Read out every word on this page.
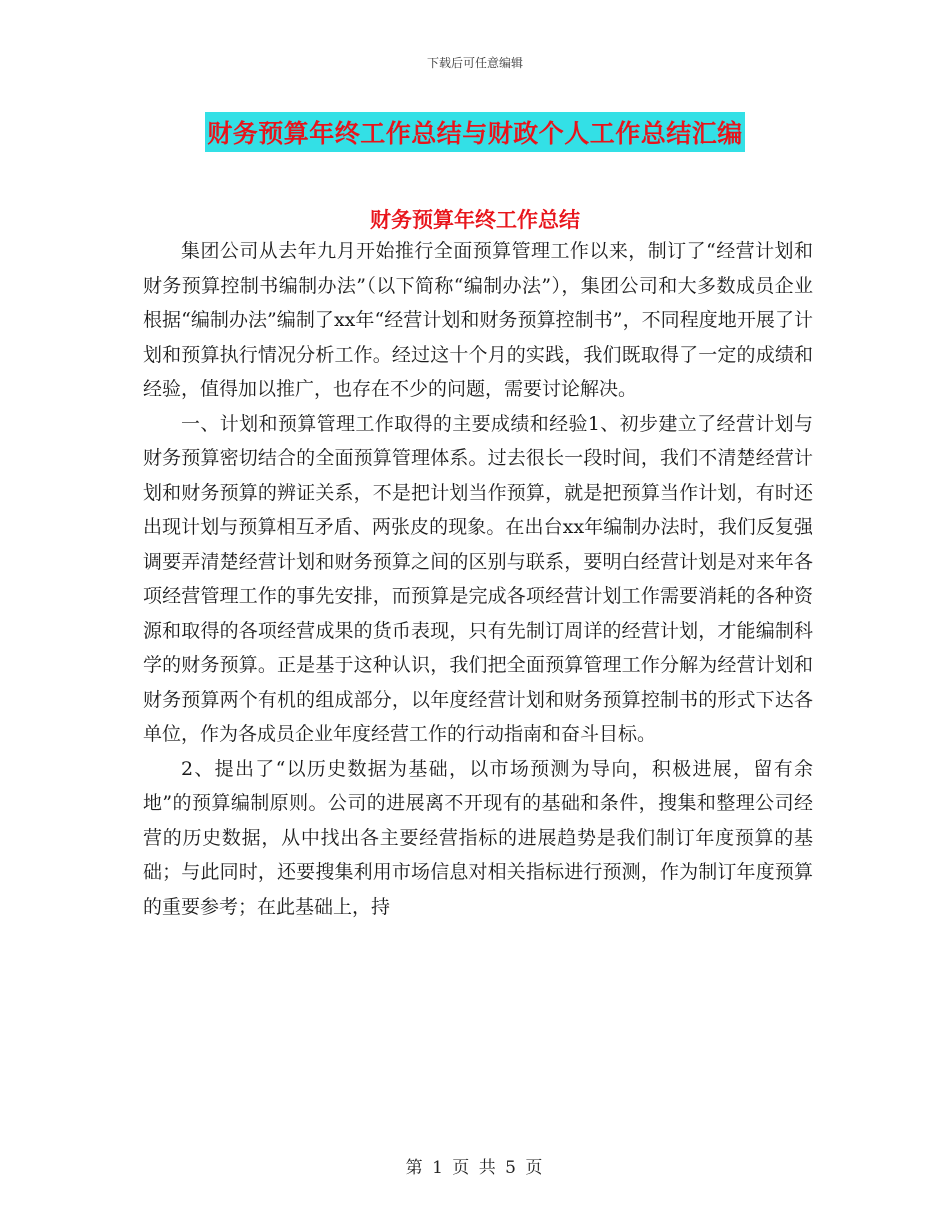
下载后可任意编辑
财务预算年终工作总结与财政个人工作总结汇编
财务预算年终工作总结

集团公司从去年九月开始推行全面预算管理工作以来，制订了“经营计划和财务预算控制书编制办法”（以下简称“编制办法”），集团公司和大多数成员企业根据“编制办法”编制了xx年“经营计划和财务预算控制书”，不同程度地开展了计划和预算执行情况分析工作。经过这十个月的实践，我们既取得了一定的成绩和经验，值得加以推广，也存在不少的问题，需要讨论解决。

一、计划和预算管理工作取得的主要成绩和经验1、初步建立了经营计划与财务预算密切结合的全面预算管理体系。过去很长一段时间，我们不清楚经营计划和财务预算的辨证关系，不是把计划当作预算，就是把预算当作计划，有时还出现计划与预算相互矛盾、两张皮的现象。在出台xx年编制办法时，我们反复强调要弄清楚经营计划和财务预算之间的区别与联系，要明白经营计划是对来年各项经营管理工作的事先安排，而预算是完成各项经营计划工作需要消耗的各种资源和取得的各项经营成果的货币表现，只有先制订周详的经营计划，才能编制科学的财务预算。正是基于这种认识，我们把全面预算管理工作分解为经营计划和财务预算两个有机的组成部分，以年度经营计划和财务预算控制书的形式下达各单位，作为各成员企业年度经营工作的行动指南和奋斗目标。

2、提出了“以历史数据为基础，以市场预测为导向，积极进展，留有余地”的预算编制原则。公司的进展离不开现有的基础和条件，搜集和整理公司经营的历史数据，从中找出各主要经营指标的进展趋势是我们制订年度预算的基础；与此同时，还要搜集利用市场信息对相关指标进行预测，作为制订年度预算的重要参考；在此基础上，持

第 1 页 共 5 页
